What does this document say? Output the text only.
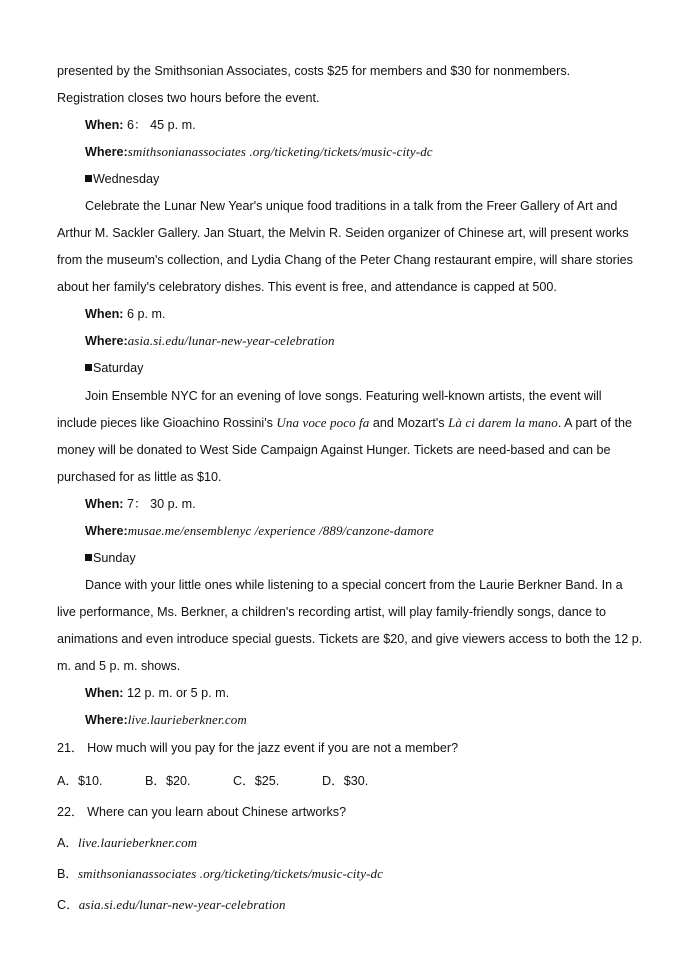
presented by the Smithsonian Associates, costs $25 for members and $30 for nonmembers.
Registration closes two hours before the event.
When: 6： 45 p. m.
Where:smithsonianassociates .org/ticketing/tickets/music-city-dc
Wednesday
Celebrate the Lunar New Year's unique food traditions in a talk from the Freer Gallery of Art and
Arthur M. Sackler Gallery. Jan Stuart, the Melvin R. Seiden organizer of Chinese art, will present works
from the museum's collection, and Lydia Chang of the Peter Chang restaurant empire, will share stories
about her family's celebratory dishes. This event is free, and attendance is capped at 500.
When: 6 p. m.
Where:asia.si.edu/lunar-new-year-celebration
Saturday
Join Ensemble NYC for an evening of love songs. Featuring well-known artists, the event will
include pieces like Gioachino Rossini's Una voce poco fa and Mozart's Là ci darem la mano. A part of the
money will be donated to West Side Campaign Against Hunger. Tickets are need-based and can be
purchased for as little as $10.
When: 7： 30 p. m.
Where:musae.me/ensemblenyc /experience /889/canzone-damore
Sunday
Dance with your little ones while listening to a special concert from the Laurie Berkner Band. In a
live performance, Ms. Berkner, a children's recording artist, will play family-friendly songs, dance to
animations and even introduce special guests. Tickets are $20, and give viewers access to both the 12 p.
m. and 5 p. m. shows.
When: 12 p. m. or 5 p. m.
Where:live.laurieberkner.com
21． How much will you pay for the jazz event if you are not a member?
A．$10.	B．$20.	C．$25.	D．$30.
22． Where can you learn about Chinese artworks?
A．live.laurieberkner.com
B．smithsonianassociates .org/ticketing/tickets/music-city-dc
C．asia.si.edu/lunar-new-year-celebration
